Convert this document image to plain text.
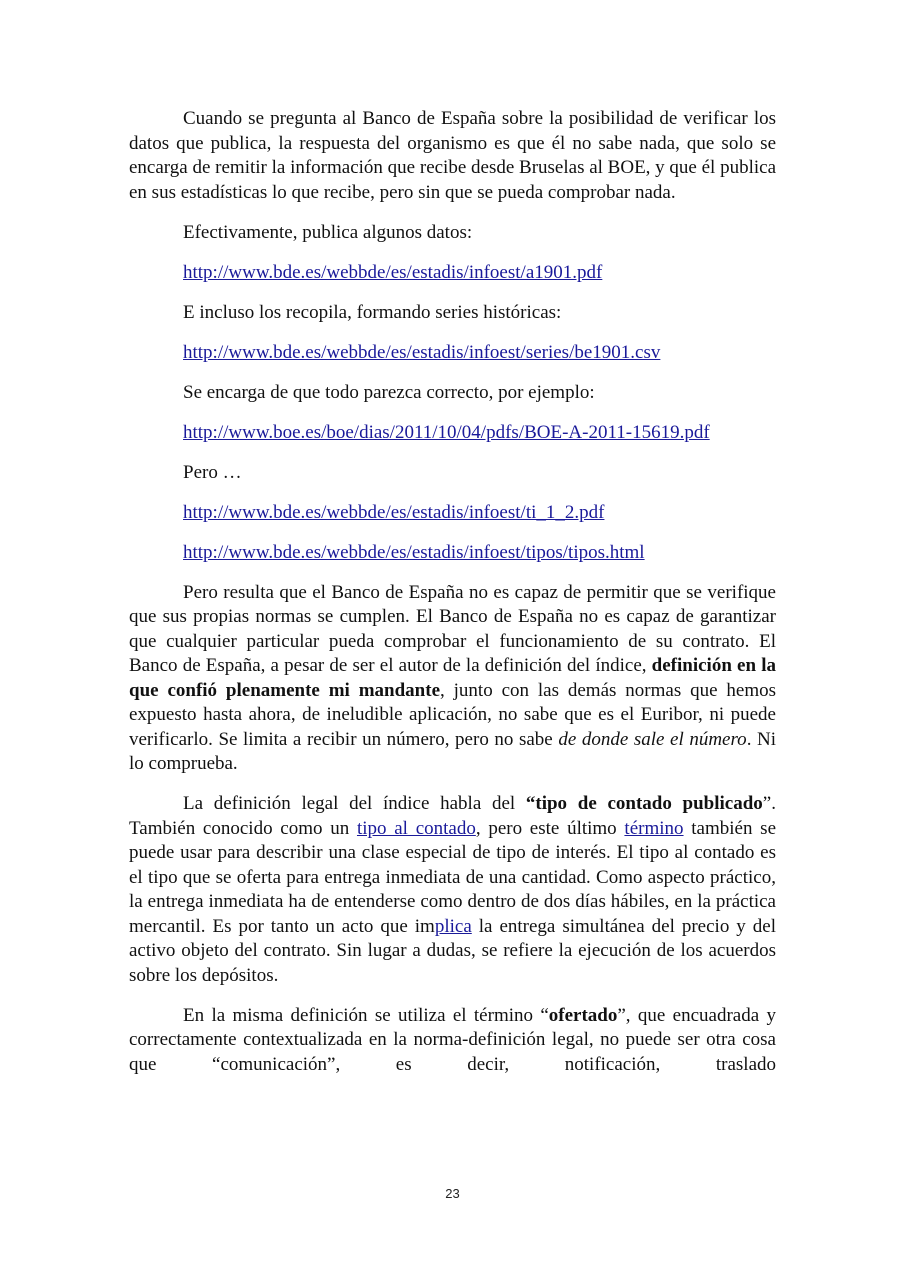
Cuando se pregunta al Banco de España sobre la posibilidad de verificar los datos que publica, la respuesta del organismo es que él no sabe nada, que solo se encarga de remitir la información que recibe desde Bruselas al BOE, y que él publica en sus estadísticas lo que recibe, pero sin que se pueda comprobar nada.

Efectivamente, publica algunos datos:

http://www.bde.es/webbde/es/estadis/infoest/a1901.pdf

E incluso los recopila, formando series históricas:

http://www.bde.es/webbde/es/estadis/infoest/series/be1901.csv

Se encarga de que todo parezca correcto, por ejemplo:

http://www.boe.es/boe/dias/2011/10/04/pdfs/BOE-A-2011-15619.pdf

Pero …

http://www.bde.es/webbde/es/estadis/infoest/ti_1_2.pdf

http://www.bde.es/webbde/es/estadis/infoest/tipos/tipos.html

Pero resulta que el Banco de España no es capaz de permitir que se verifique que sus propias normas se cumplen. El Banco de España no es capaz de garantizar que cualquier particular pueda comprobar el funcionamiento de su contrato. El Banco de España, a pesar de ser el autor de la definición del índice, definición en la que confió plenamente mi mandante, junto con las demás normas que hemos expuesto hasta ahora, de ineludible aplicación, no sabe que es el Euribor, ni puede verificarlo. Se limita a recibir un número, pero no sabe de donde sale el número. Ni lo comprueba.

La definición legal del índice habla del “tipo de contado publicado”. También conocido como un tipo al contado, pero este último término también se puede usar para describir una clase especial de tipo de interés. El tipo al contado es el tipo que se oferta para entrega inmediata de una cantidad. Como aspecto práctico, la entrega inmediata ha de entenderse como dentro de dos días hábiles, en la práctica mercantil. Es por tanto un acto que implica la entrega simultánea del precio y del activo objeto del contrato. Sin lugar a dudas, se refiere la ejecución de los acuerdos sobre los depósitos.

En la misma definición se utiliza el término “ofertado”, que encuadrada y correctamente contextualizada en la norma-definición legal, no puede ser otra cosa que “comunicación”, es decir, notificación, traslado

23
